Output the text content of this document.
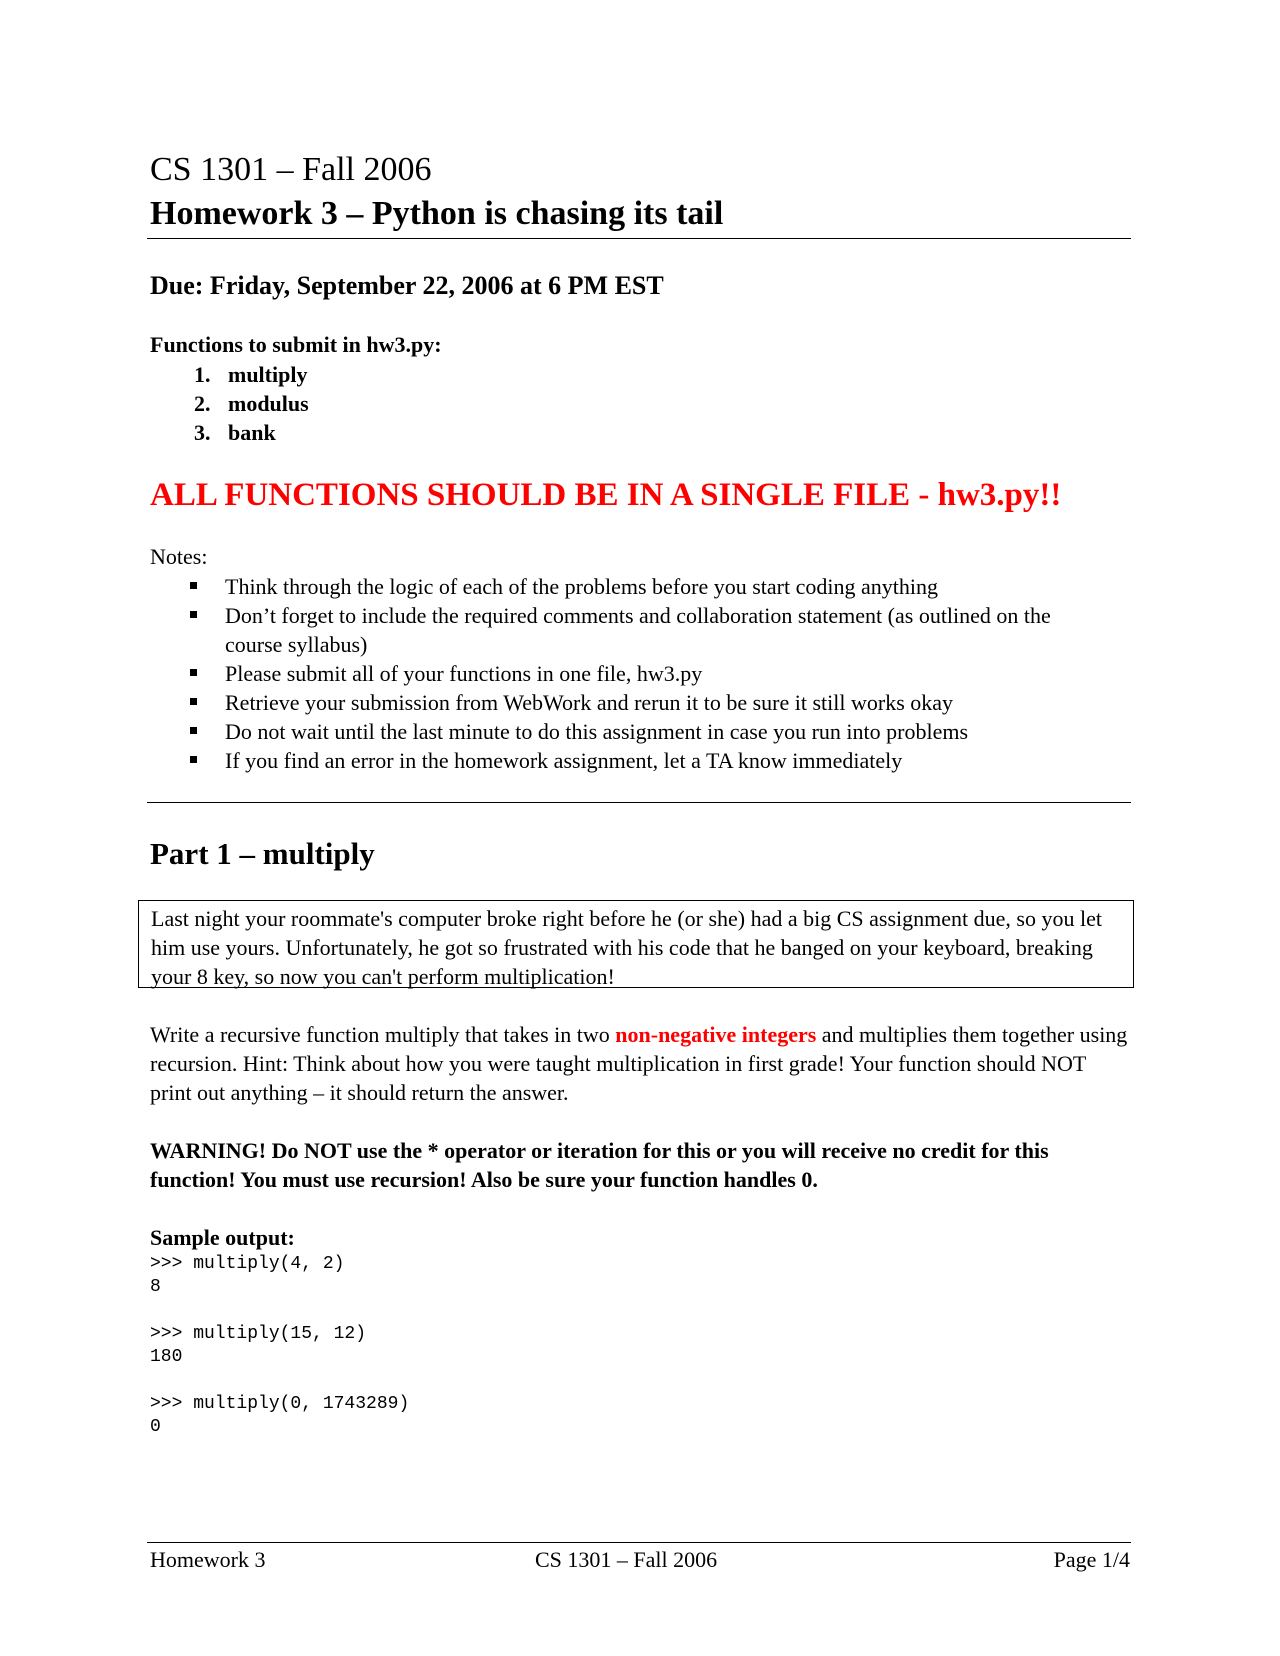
CS 1301 – Fall 2006
Homework 3 – Python is chasing its tail
Due: Friday, September 22, 2006 at 6 PM EST
Functions to submit in hw3.py:
1. multiply
2. modulus
3. bank
ALL FUNCTIONS SHOULD BE IN A SINGLE FILE - hw3.py!!
Notes:
Think through the logic of each of the problems before you start coding anything
Don’t forget to include the required comments and collaboration statement (as outlined on the course syllabus)
Please submit all of your functions in one file, hw3.py
Retrieve your submission from WebWork and rerun it to be sure it still works okay
Do not wait until the last minute to do this assignment in case you run into problems
If you find an error in the homework assignment, let a TA know immediately
Part 1 – multiply
Last night your roommate's computer broke right before he (or she) had a big CS assignment due, so you let him use yours. Unfortunately, he got so frustrated with his code that he banged on your keyboard, breaking your 8 key, so now you can't perform multiplication!
Write a recursive function multiply that takes in two non-negative integers and multiplies them together using recursion. Hint: Think about how you were taught multiplication in first grade! Your function should NOT print out anything – it should return the answer.
WARNING! Do NOT use the * operator or iteration for this or you will receive no credit for this function! You must use recursion! Also be sure your function handles 0.
Sample output:
>>> multiply(4, 2)
8
>>> multiply(15, 12)
180
>>> multiply(0, 1743289)
0
Homework 3	CS 1301 – Fall 2006	Page 1/4
